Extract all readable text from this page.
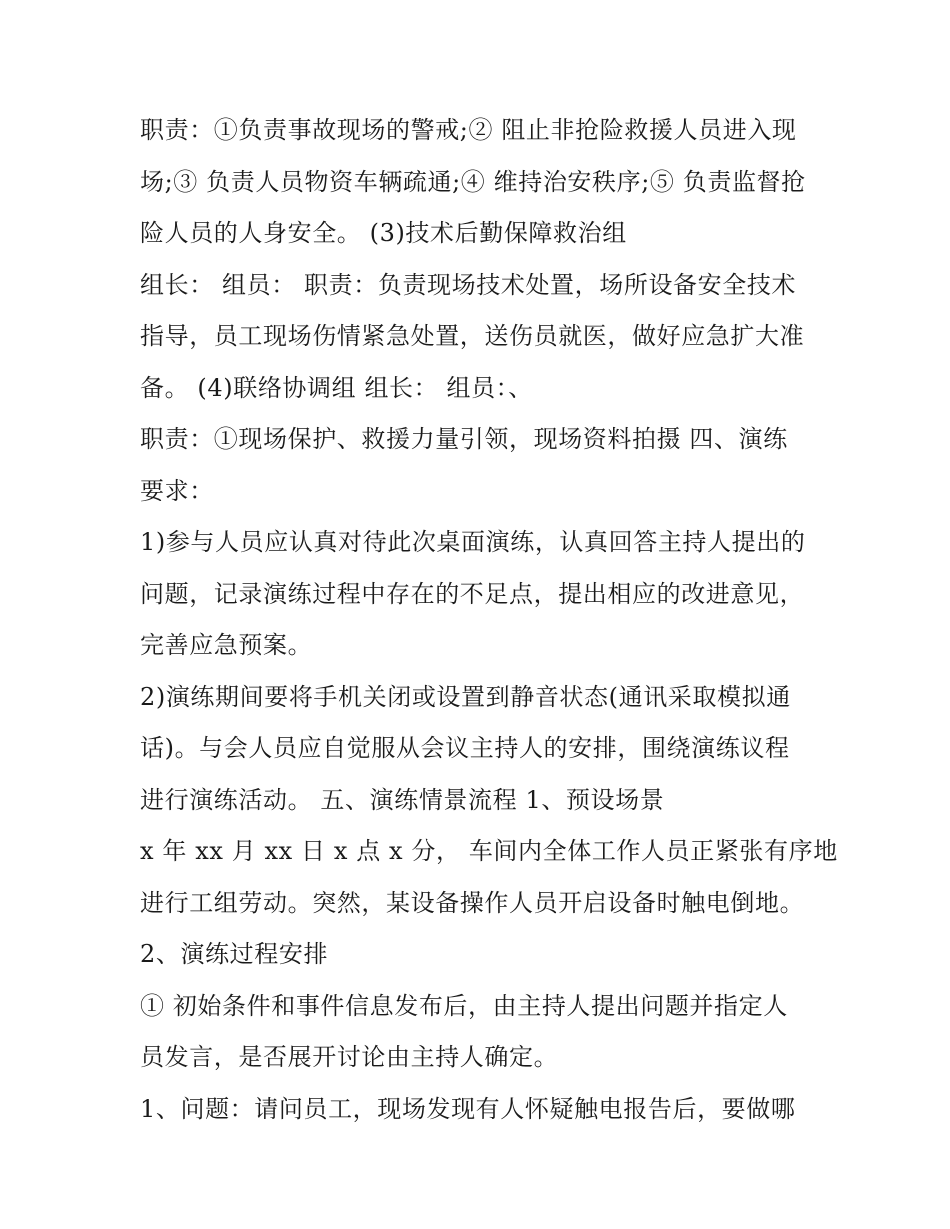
职责：①负责事故现场的警戒;② 阻止非抢险救援人员进入现
场;③ 负责人员物资车辆疏通;④ 维持治安秩序;⑤ 负责监督抢
险人员的人身安全。 (3)技术后勤保障救治组
组长： 组员： 职责：负责现场技术处置，场所设备安全技术
指导，员工现场伤情紧急处置，送伤员就医，做好应急扩大准
备。 (4)联络协调组 组长： 组员：、
职责：①现场保护、救援力量引领，现场资料拍摄 四、演练
要求：
1)参与人员应认真对待此次桌面演练，认真回答主持人提出的
问题，记录演练过程中存在的不足点，提出相应的改进意见，
完善应急预案。
2)演练期间要将手机关闭或设置到静音状态(通讯采取模拟通
话)。与会人员应自觉服从会议主持人的安排，围绕演练议程
进行演练活动。 五、演练情景流程 1、预设场景
x 年 xx 月 xx 日 x 点 x 分， 车间内全体工作人员正紧张有序地
进行工组劳动。突然，某设备操作人员开启设备时触电倒地。
2、演练过程安排
① 初始条件和事件信息发布后，由主持人提出问题并指定人
员发言，是否展开讨论由主持人确定。
1、问题：请问员工，现场发现有人怀疑触电报告后，要做哪
